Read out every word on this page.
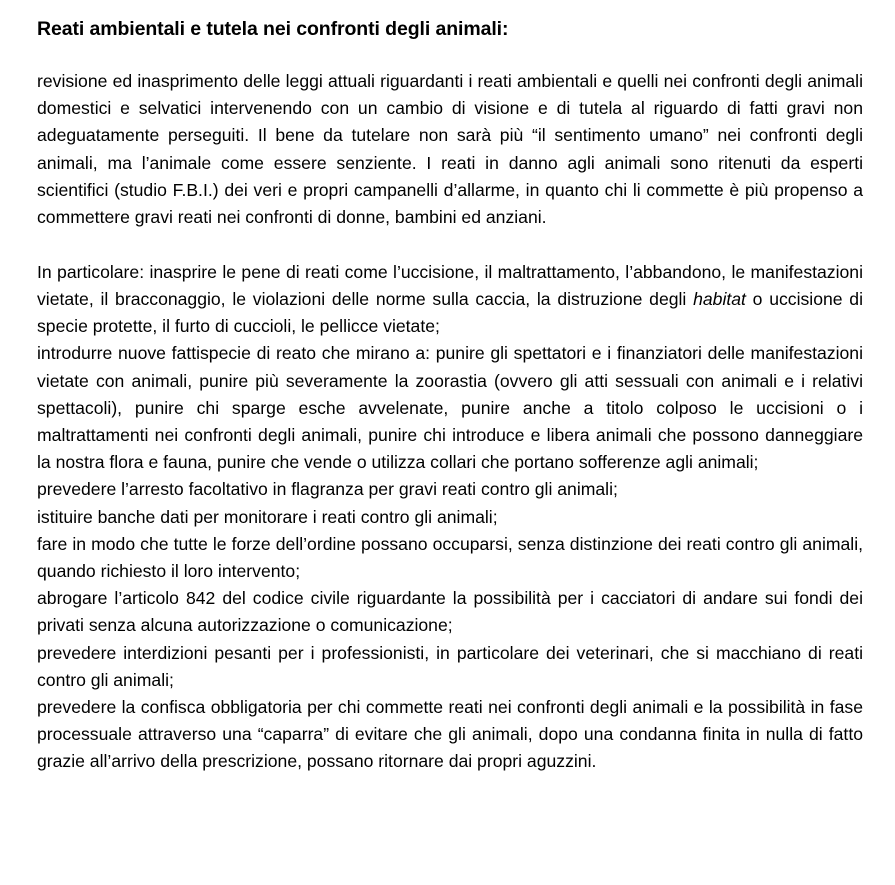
Reati ambientali e tutela nei confronti degli animali:

revisione ed inasprimento delle leggi attuali riguardanti i reati ambientali e quelli nei confronti degli animali domestici e selvatici intervenendo con un cambio di visione e di tutela al riguardo di fatti gravi non adeguatamente perseguiti. Il bene da tutelare non sarà più “il sentimento umano” nei confronti degli animali, ma l’animale come essere senziente. I reati in danno agli animali sono ritenuti da esperti scientifici (studio F.B.I.) dei veri e propri campanelli d’allarme, in quanto chi li commette è più propenso a commettere gravi reati nei confronti di donne, bambini ed anziani.

In particolare: inasprire le pene di reati come l’uccisione, il maltrattamento, l’abbandono, le manifestazioni vietate, il bracconaggio, le violazioni delle norme sulla caccia, la distruzione degli habitat o uccisione di specie protette, il furto di cuccioli, le pellicce vietate;

introdurre nuove fattispecie di reato che mirano a: punire gli spettatori e i finanziatori delle manifestazioni vietate con animali, punire più severamente la zoorastia (ovvero gli atti sessuali con animali e i relativi spettacoli), punire chi sparge esche avvelenate, punire anche a titolo colposo le uccisioni o i maltrattamenti nei confronti degli animali, punire chi introduce e libera animali che possono danneggiare la nostra flora e fauna, punire che vende o utilizza collari che portano sofferenze agli animali;

prevedere l’arresto facoltativo in flagranza per gravi reati contro gli animali;

istituire banche dati per monitorare i reati contro gli animali;

fare in modo che tutte le forze dell’ordine possano occuparsi, senza distinzione dei reati contro gli animali, quando richiesto il loro intervento;

abrogare l’articolo 842 del codice civile riguardante la possibilità per i cacciatori di andare sui fondi dei privati senza alcuna autorizzazione o comunicazione;

prevedere interdizioni pesanti per i professionisti, in particolare dei veterinari, che si macchiano di reati contro gli animali;

prevedere la confisca obbligatoria per chi commette reati nei confronti degli animali e la possibilità in fase processuale attraverso una “caparra” di evitare che gli animali, dopo una condanna finita in nulla di fatto grazie all’arrivo della prescrizione, possano ritornare dai propri aguzzini.
